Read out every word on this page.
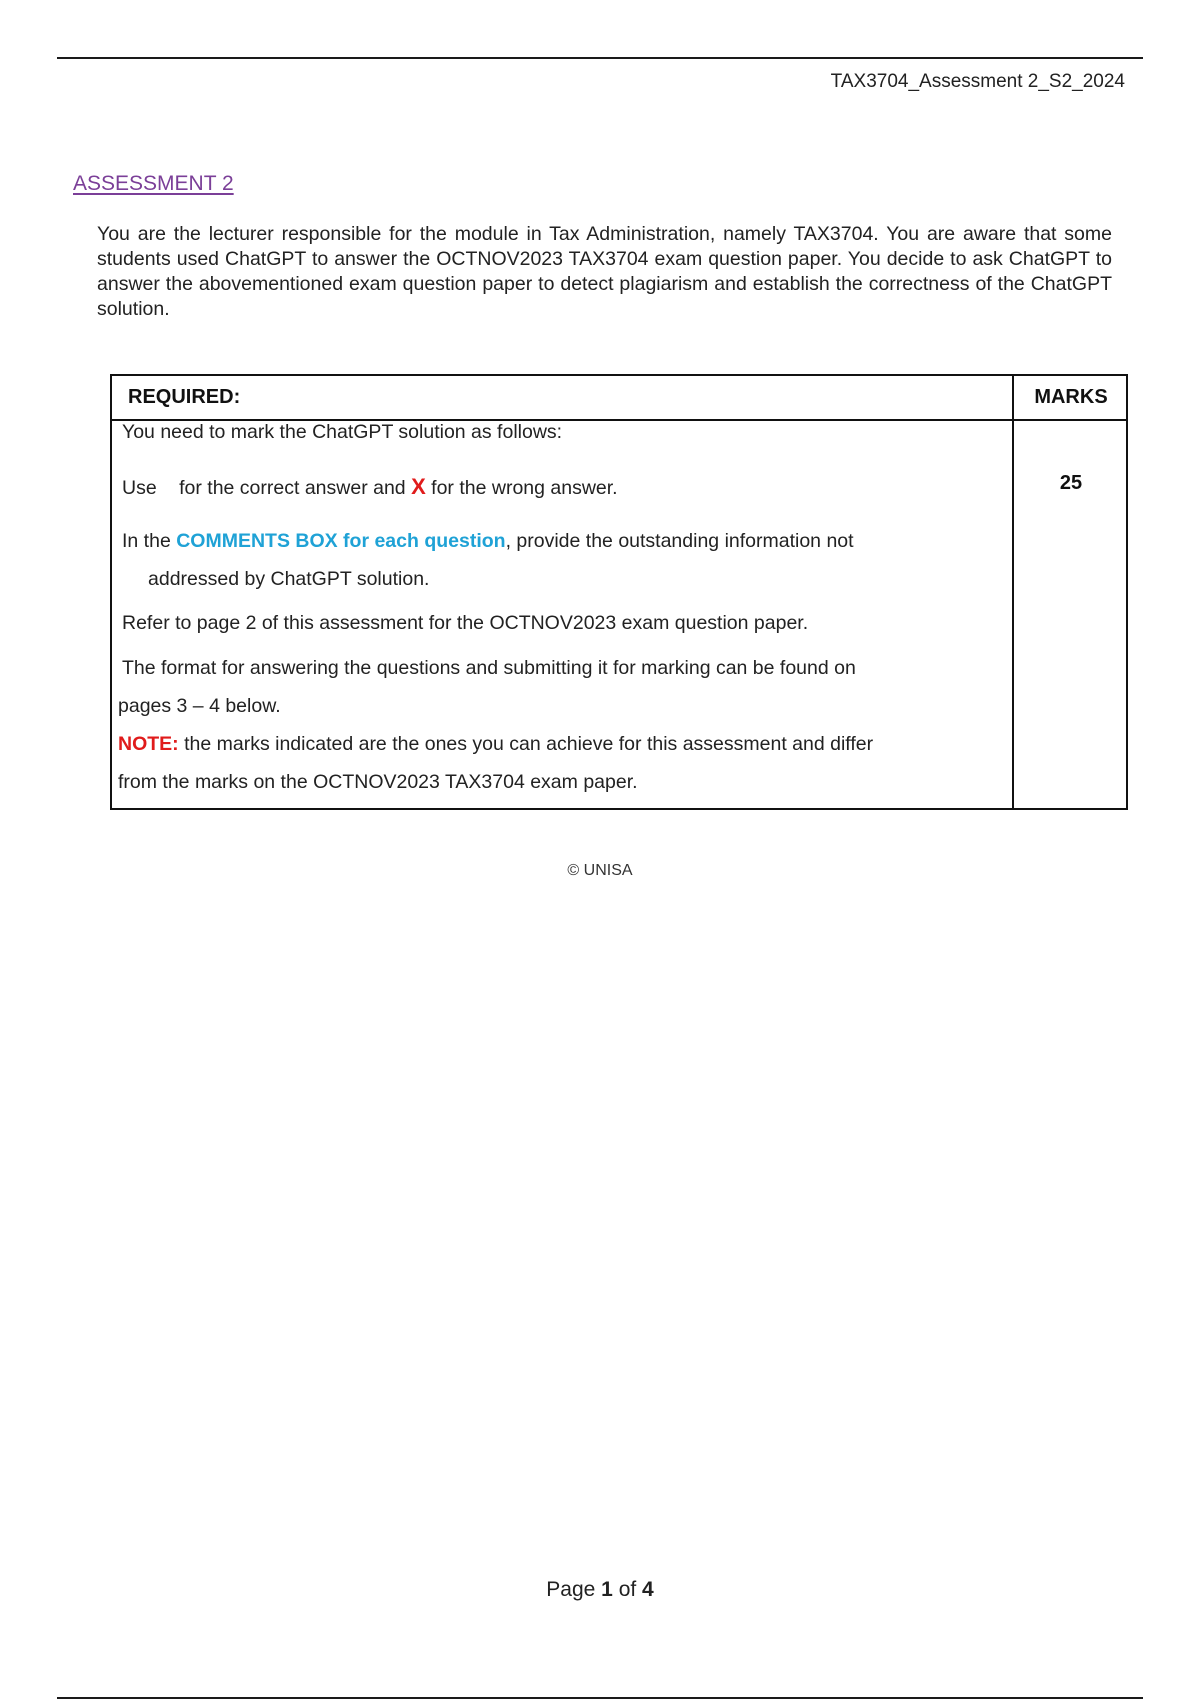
TAX3704_Assessment 2_S2_2024
ASSESSMENT 2
You are the lecturer responsible for the module in Tax Administration, namely TAX3704. You are aware that some students used ChatGPT to answer the OCTNOV2023 TAX3704 exam question paper. You decide to ask ChatGPT to answer the abovementioned exam question paper to detect plagiarism and establish the correctness of the ChatGPT solution.
REQUIRED:	MARKS
25
You need to mark the ChatGPT solution as follows:
Use for the correct answer and X for the wrong answer.
In the COMMENTS BOX for each question, provide the outstanding information not
addressed by ChatGPT solution.
Refer to page 2 of this assessment for the OCTNOV2023 exam question paper.
The format for answering the questions and submitting it for marking can be found on
pages 3 – 4 below.
NOTE: the marks indicated are the ones you can achieve for this assessment and differ
from the marks on the OCTNOV2023 TAX3704 exam paper.
© UNISA
Page 1 of 4
